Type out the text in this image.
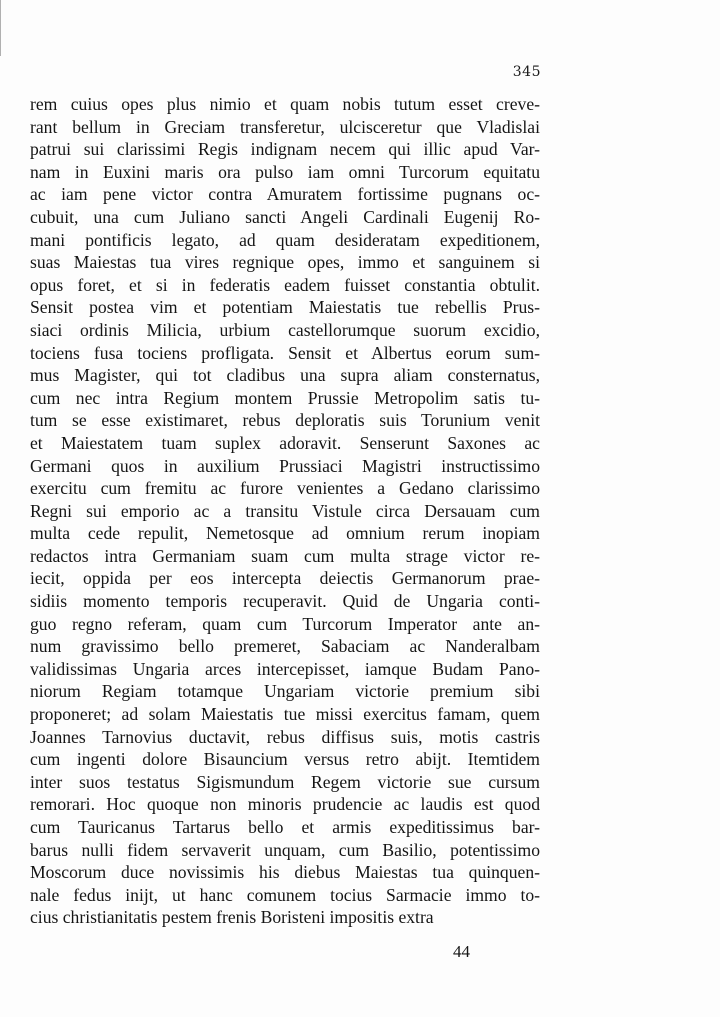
345
rem cuius opes plus nimio et quam nobis tutum esset creve-
rant bellum in Greciam transferetur, ulcisceretur que Vladislai
patrui sui clarissimi Regis indignam necem qui illic apud Var-
nam in Euxini maris ora pulso iam omni Turcorum equitatu
ac iam pene victor contra Amuratem fortissime pugnans oc-
cubuit, una cum Juliano sancti Angeli Cardinali Eugenij Ro-
mani pontificis legato, ad quam desideratam expeditionem,
suas Maiestas tua vires regnique opes, immo et sanguinem si
opus foret, et si in federatis eadem fuisset constantia obtulit.
Sensit postea vim et potentiam Maiestatis tue rebellis Prus-
siaci ordinis Milicia, urbium castellorumque suorum excidio,
tociens fusa tociens profligata. Sensit et Albertus eorum sum-
mus Magister, qui tot cladibus una supra aliam consternatus,
cum nec intra Regium montem Prussie Metropolim satis tu-
tum se esse existimaret, rebus deploratis suis Torunium venit
et Maiestatem tuam suplex adoravit. Senserunt Saxones ac
Germani quos in auxilium Prussiaci Magistri instructissimo
exercitu cum fremitu ac furore venientes a Gedano clarissimo
Regni sui emporio ac a transitu Vistule circa Dersauam cum
multa cede repulit, Nemetosque ad omnium rerum inopiam
redactos intra Germaniam suam cum multa strage victor re-
iecit, oppida per eos intercepta deiectis Germanorum prae-
sidiis momento temporis recuperavit. Quid de Ungaria conti-
guo regno referam, quam cum Turcorum Imperator ante an-
num gravissimo bello premeret, Sabaciam ac Nanderalbam
validissimas Ungaria arces intercepisset, iamque Budam Pano-
niorum Regiam totamque Ungariam victorie premium sibi
proponeret; ad solam Maiestatis tue missi exercitus famam, quem
Joannes Tarnovius ductavit, rebus diffisus suis, motis castris
cum ingenti dolore Bisauncium versus retro abijt. Itemtidem
inter suos testatus Sigismundum Regem victorie sue cursum
remorari. Hoc quoque non minoris prudencie ac laudis est quod
cum Tauricanus Tartarus bello et armis expeditissimus bar-
barus nulli fidem servaverit unquam, cum Basilio, potentissimo
Moscorum duce novissimis his diebus Maiestas tua quinquen-
nale fedus inijt, ut hanc comunem tocius Sarmacie immo to-
cius christianitatis pestem frenis Boristeni impositis extra
44
